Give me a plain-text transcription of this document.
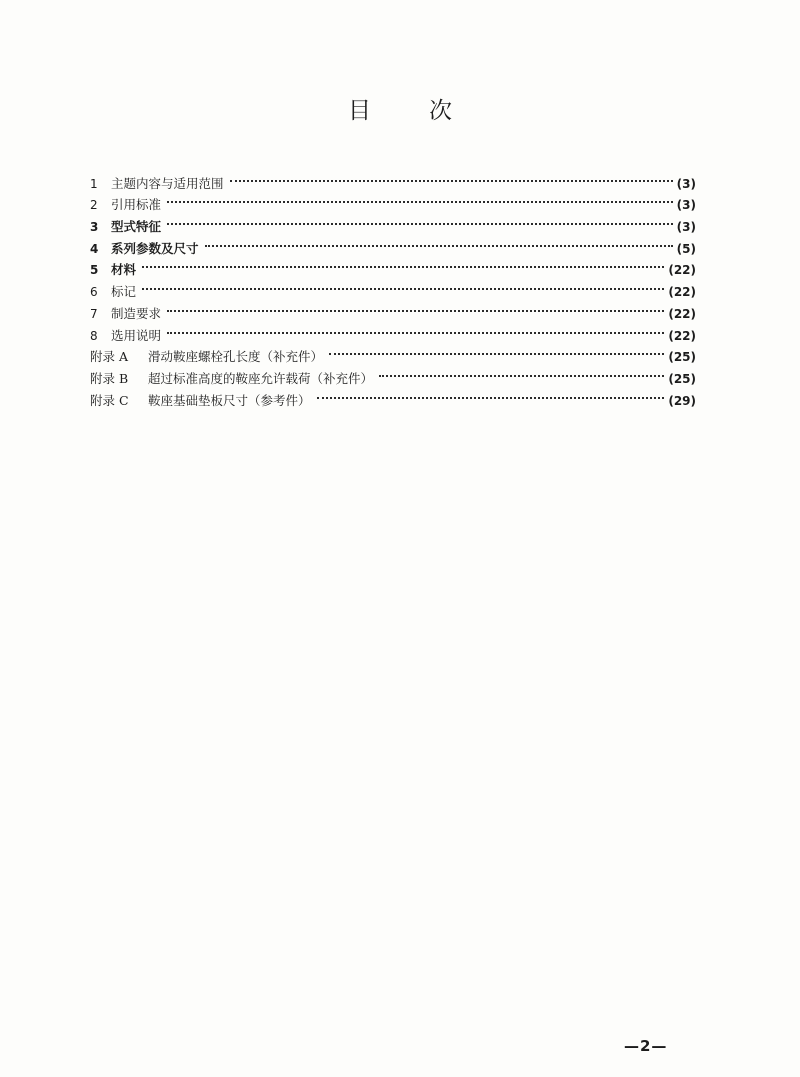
目	次
1	主题内容与适用范围	(3)
2	引用标准	(3)
3	型式特征	(3)
4	系列参数及尺寸	(5)
5	材料	(22)
6	标记	(22)
7	制造要求	(22)
8	选用说明	(22)
附录 A	滑动鞍座螺栓孔长度（补充件）	(25)
附录 B	超过标准高度的鞍座允许载荷（补充件）	(25)
附录 C	鞍座基础垫板尺寸（参考件）	(29)
—2—
